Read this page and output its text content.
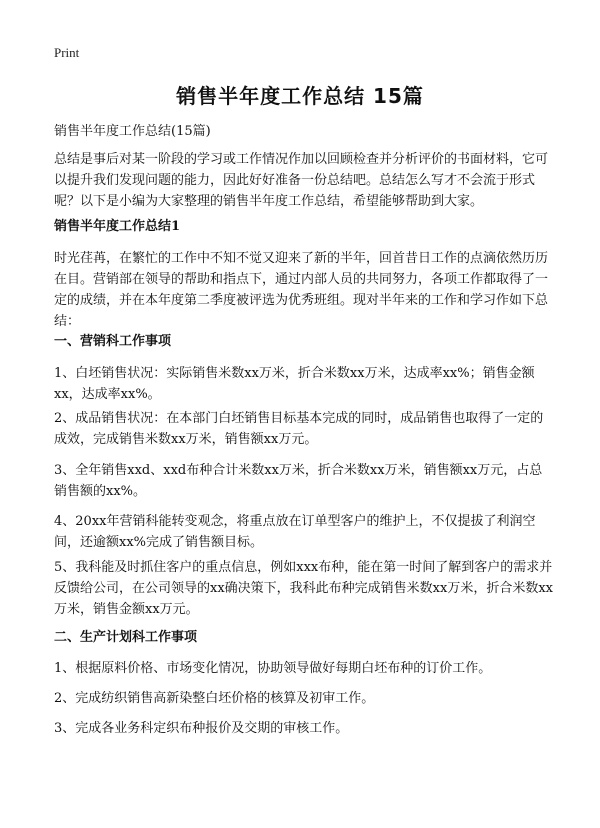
Print
销售半年度工作总结 15篇
销售半年度工作总结(15篇)

总结是事后对某一阶段的学习或工作情况作加以回顾检查并分析评价的书面材料，它可以提升我们发现问题的能力，因此好好准备一份总结吧。总结怎么写才不会流于形式呢？以下是小编为大家整理的销售半年度工作总结，希望能够帮助到大家。

销售半年度工作总结1

时光荏苒，在繁忙的工作中不知不觉又迎来了新的半年，回首昔日工作的点滴依然历历在目。营销部在领导的帮助和指点下，通过内部人员的共同努力，各项工作都取得了一定的成绩，并在本年度第二季度被评选为优秀班组。现对半年来的工作和学习作如下总结：

一、营销科工作事项

1、白坯销售状况：实际销售米数xx万米，折合米数xx万米，达成率xx%；销售金额xx，达成率xx%。

2、成品销售状况：在本部门白坯销售目标基本完成的同时，成品销售也取得了一定的成效，完成销售米数xx万米，销售额xx万元。

3、全年销售xxd、xxd布种合计米数xx万米，折合米数xx万米，销售额xx万元，占总销售额的xx%。

4、20xx年营销科能转变观念，将重点放在订单型客户的维护上，不仅提拔了利润空间，还逾额xx%完成了销售额目标。

5、我科能及时抓住客户的重点信息，例如xxx布种，能在第一时间了解到客户的需求并反馈给公司，在公司领导的xx确决策下，我科此布种完成销售米数xx万米，折合米数xx万米，销售金额xx万元。

二、生产计划科工作事项

1、根据原料价格、市场变化情况，协助领导做好每期白坯布种的订价工作。

2、完成纺织销售高新染整白坯价格的核算及初审工作。

3、完成各业务科定织布种报价及交期的审核工作。
